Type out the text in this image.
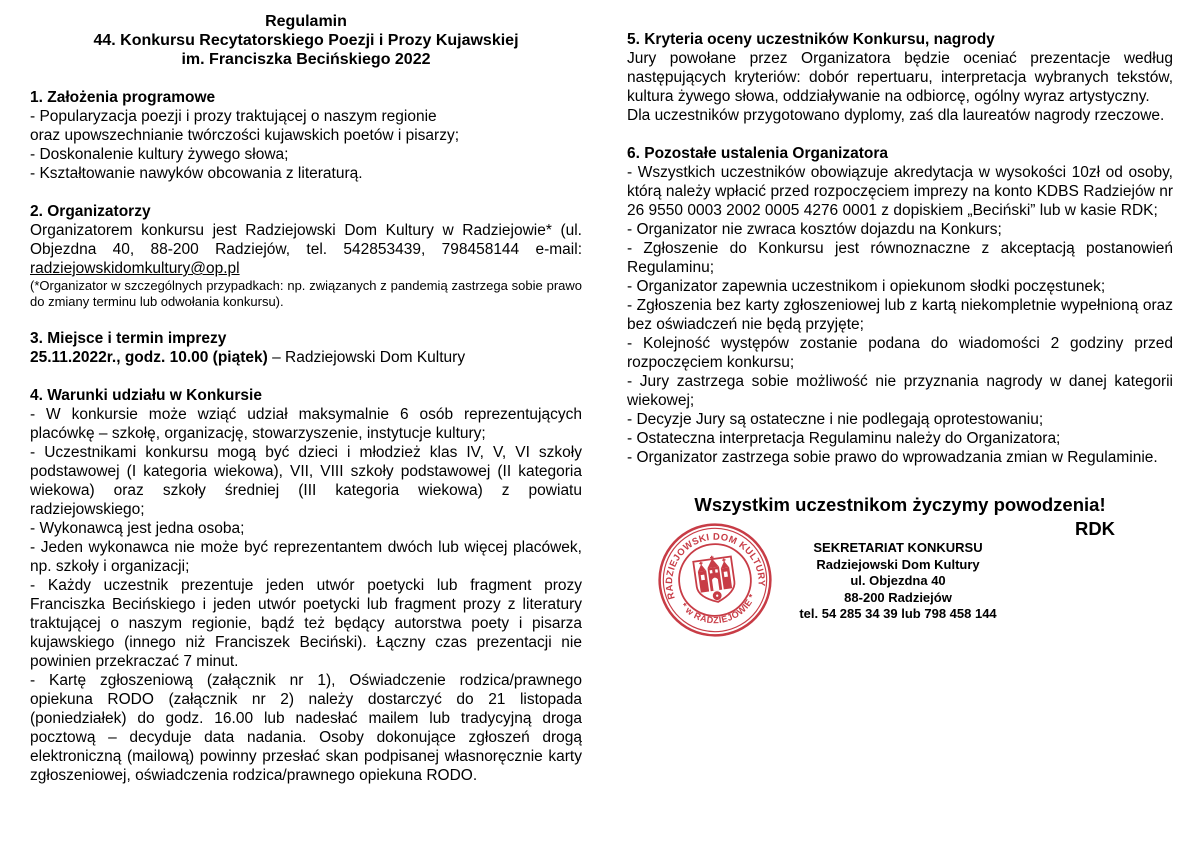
Regulamin
44. Konkursu Recytatorskiego Poezji i Prozy Kujawskiej
im. Franciszka Becińskiego 2022
1. Założenia programowe
- Popularyzacja poezji i prozy traktującej o naszym regionie
oraz upowszechnianie twórczości kujawskich poetów i pisarzy;
- Doskonalenie kultury żywego słowa;
- Kształtowanie nawyków obcowania z literaturą.
2. Organizatorzy
Organizatorem konkursu jest Radziejowski Dom Kultury w Radziejowie* (ul. Objezdna 40, 88-200 Radziejów, tel. 542853439, 798458144 e-mail: radziejowskidomkultury@op.pl
(*Organizator w szczególnych przypadkach: np. związanych z pandemią zastrzega sobie prawo do zmiany terminu lub odwołania konkursu).
3. Miejsce i termin imprezy
25.11.2022r., godz. 10.00 (piątek) – Radziejowski Dom Kultury
4. Warunki udziału w Konkursie
- W konkursie może wziąć udział maksymalnie 6 osób reprezentujących placówkę – szkołę, organizację, stowarzyszenie, instytucje kultury;
- Uczestnikami konkursu mogą być dzieci i młodzież klas IV, V, VI szkoły podstawowej (I kategoria wiekowa), VII, VIII szkoły podstawowej (II kategoria wiekowa) oraz szkoły średniej (III kategoria wiekowa) z powiatu radziejowskiego;
- Wykonawcą jest jedna osoba;
- Jeden wykonawca nie może być reprezentantem dwóch lub więcej placówek, np. szkoły i organizacji;
- Każdy uczestnik prezentuje jeden utwór poetycki lub fragment prozy Franciszka Becińskiego i jeden utwór poetycki lub fragment prozy z literatury traktującej o naszym regionie, bądź też będący autorstwa poety i pisarza kujawskiego (innego niż Franciszek Beciński). Łączny czas prezentacji nie powinien przekraczać 7 minut.
- Kartę zgłoszeniową (załącznik nr 1), Oświadczenie rodzica/prawnego opiekuna RODO (załącznik nr 2) należy dostarczyć do 21 listopada (poniedziałek) do godz. 16.00 lub nadesłać mailem lub tradycyjną droga pocztową – decyduje data nadania. Osoby dokonujące zgłoszeń drogą elektroniczną (mailową) powinny przesłać skan podpisanej własnoręcznie karty zgłoszeniowej, oświadczenia rodzica/prawnego opiekuna RODO.
5. Kryteria oceny uczestników Konkursu, nagrody
Jury powołane przez Organizatora będzie oceniać prezentacje według następujących kryteriów: dobór repertuaru, interpretacja wybranych tekstów, kultura żywego słowa, oddziaływanie na odbiorcę, ogólny wyraz artystyczny.
Dla uczestników przygotowano dyplomy, zaś dla laureatów nagrody rzeczowe.
6. Pozostałe ustalenia Organizatora
- Wszystkich uczestników obowiązuje akredytacja w wysokości 10zł od osoby, którą należy wpłacić przed rozpoczęciem imprezy na konto KDBS Radziejów nr 26 9550 0003 2002 0005 4276 0001 z dopiskiem „Beciński” lub w kasie RDK;
- Organizator nie zwraca kosztów dojazdu na Konkurs;
- Zgłoszenie do Konkursu jest równoznaczne z akceptacją postanowień Regulaminu;
- Organizator zapewnia uczestnikom i opiekunom słodki poczęstunek;
- Zgłoszenia bez karty zgłoszeniowej lub z kartą niekompletnie wypełnioną oraz bez oświadczeń nie będą przyjęte;
- Kolejność występów zostanie podana do wiadomości 2 godziny przed rozpoczęciem konkursu;
- Jury zastrzega sobie możliwość nie przyznania nagrody w danej kategorii wiekowej;
- Decyzje Jury są ostateczne i nie podlegają oprotestowaniu;
- Ostateczna interpretacja Regulaminu należy do Organizatora;
- Organizator zastrzega sobie prawo do wprowadzania zmian w Regulaminie.
Wszystkim uczestnikom życzymy powodzenia!
RDK
RADZIEJOWSKI DOM KULTURY
* w RADZIEJOWIE *
SEKRETARIAT KONKURSU
Radziejowski Dom Kultury
ul. Objezdna 40
88-200 Radziejów
tel. 54 285 34 39 lub 798 458 144
